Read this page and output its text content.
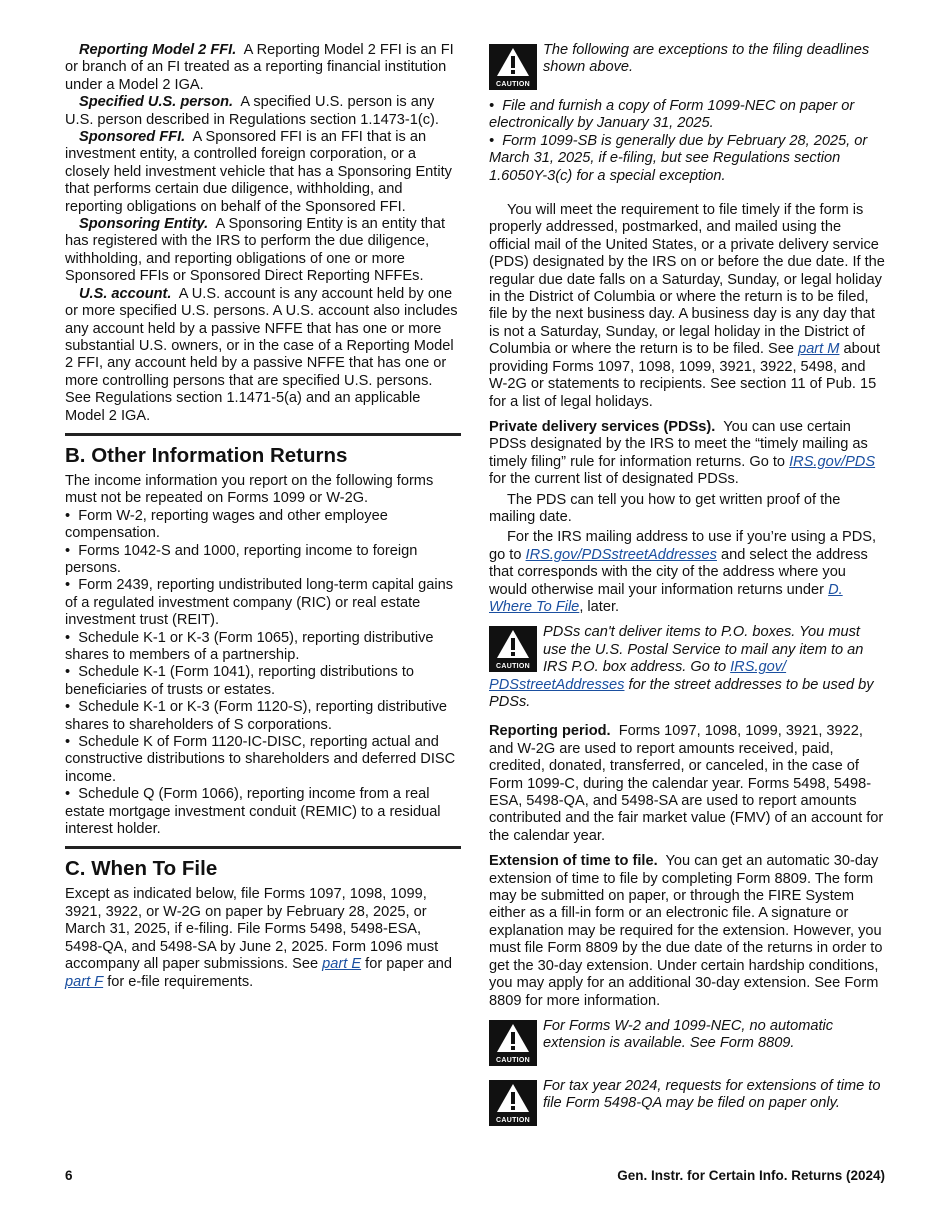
Reporting Model 2 FFI. A Reporting Model 2 FFI is an FI or branch of an FI treated as a reporting financial institution under a Model 2 IGA.

Specified U.S. person. A specified U.S. person is any U.S. person described in Regulations section 1.1473-1(c).

Sponsored FFI. A Sponsored FFI is an FFI that is an investment entity, a controlled foreign corporation, or a closely held investment vehicle that has a Sponsoring Entity that performs certain due diligence, withholding, and reporting obligations on behalf of the Sponsored FFI.

Sponsoring Entity. A Sponsoring Entity is an entity that has registered with the IRS to perform the due diligence, withholding, and reporting obligations of one or more Sponsored FFIs or Sponsored Direct Reporting NFFEs.

U.S. account. A U.S. account is any account held by one or more specified U.S. persons. A U.S. account also includes any account held by a passive NFFE that has one or more substantial U.S. owners, or in the case of a Reporting Model 2 FFI, any account held by a passive NFFE that has one or more controlling persons that are specified U.S. persons. See Regulations section 1.1471-5(a) and an applicable Model 2 IGA.

B. Other Information Returns

The income information you report on the following forms must not be repeated on Forms 1099 or W-2G.

•  Form W-2, reporting wages and other employee compensation.

•  Forms 1042-S and 1000, reporting income to foreign persons.

•  Form 2439, reporting undistributed long-term capital gains of a regulated investment company (RIC) or real estate investment trust (REIT).

•  Schedule K-1 or K-3 (Form 1065), reporting distributive shares to members of a partnership.

•  Schedule K-1 (Form 1041), reporting distributions to beneficiaries of trusts or estates.

•  Schedule K-1 or K-3 (Form 1120-S), reporting distributive shares to shareholders of S corporations.

•  Schedule K of Form 1120-IC-DISC, reporting actual and constructive distributions to shareholders and deferred DISC income.

•  Schedule Q (Form 1066), reporting income from a real estate mortgage investment conduit (REMIC) to a residual interest holder.

C. When To File

Except as indicated below, file Forms 1097, 1098, 1099, 3921, 3922, or W-2G on paper by February 28, 2025, or March 31, 2025, if e-filing. File Forms 5498, 5498-ESA, 5498-QA, and 5498-SA by June 2, 2025. Form 1096 must accompany all paper submissions. See part E for paper and part F for e-file requirements.

CAUTION
The following are exceptions to the filing deadlines shown above.

•  File and furnish a copy of Form 1099-NEC on paper or electronically by January 31, 2025.

•  Form 1099-SB is generally due by February 28, 2025, or March 31, 2025, if e-filing, but see Regulations section 1.6050Y-3(c) for a special exception.

You will meet the requirement to file timely if the form is properly addressed, postmarked, and mailed using the official mail of the United States, or a private delivery service (PDS) designated by the IRS on or before the due date. If the regular due date falls on a Saturday, Sunday, or legal holiday in the District of Columbia or where the return is to be filed, file by the next business day. A business day is any day that is not a Saturday, Sunday, or legal holiday in the District of Columbia or where the return is to be filed. See part M about providing Forms 1097, 1098, 1099, 3921, 3922, 5498, and W-2G or statements to recipients. See section 11 of Pub. 15 for a list of legal holidays.

Private delivery services (PDSs). You can use certain PDSs designated by the IRS to meet the “timely mailing as timely filing” rule for information returns. Go to IRS.gov/PDS for the current list of designated PDSs.

The PDS can tell you how to get written proof of the mailing date.

For the IRS mailing address to use if you’re using a PDS, go to IRS.gov/PDSstreetAddresses and select the address that corresponds with the city of the address where you would otherwise mail your information returns under D. Where To File, later.

CAUTION
PDSs can't deliver items to P.O. boxes. You must use the U.S. Postal Service to mail any item to an IRS P.O. box address. Go to IRS.gov/ PDSstreetAddresses for the street addresses to be used by PDSs.

Reporting period. Forms 1097, 1098, 1099, 3921, 3922, and W-2G are used to report amounts received, paid, credited, donated, transferred, or canceled, in the case of Form 1099-C, during the calendar year. Forms 5498, 5498-ESA, 5498-QA, and 5498-SA are used to report amounts contributed and the fair market value (FMV) of an account for the calendar year.

Extension of time to file. You can get an automatic 30-day extension of time to file by completing Form 8809. The form may be submitted on paper, or through the FIRE System either as a fill-in form or an electronic file. A signature or explanation may be required for the extension. However, you must file Form 8809 by the due date of the returns in order to get the 30-day extension. Under certain hardship conditions, you may apply for an additional 30-day extension. See Form 8809 for more information.

CAUTION
For Forms W-2 and 1099-NEC, no automatic extension is available. See Form 8809.
CAUTION
For tax year 2024, requests for extensions of time to file Form 5498-QA may be filed on paper only.
6	Gen. Instr. for Certain Info. Returns (2024)
